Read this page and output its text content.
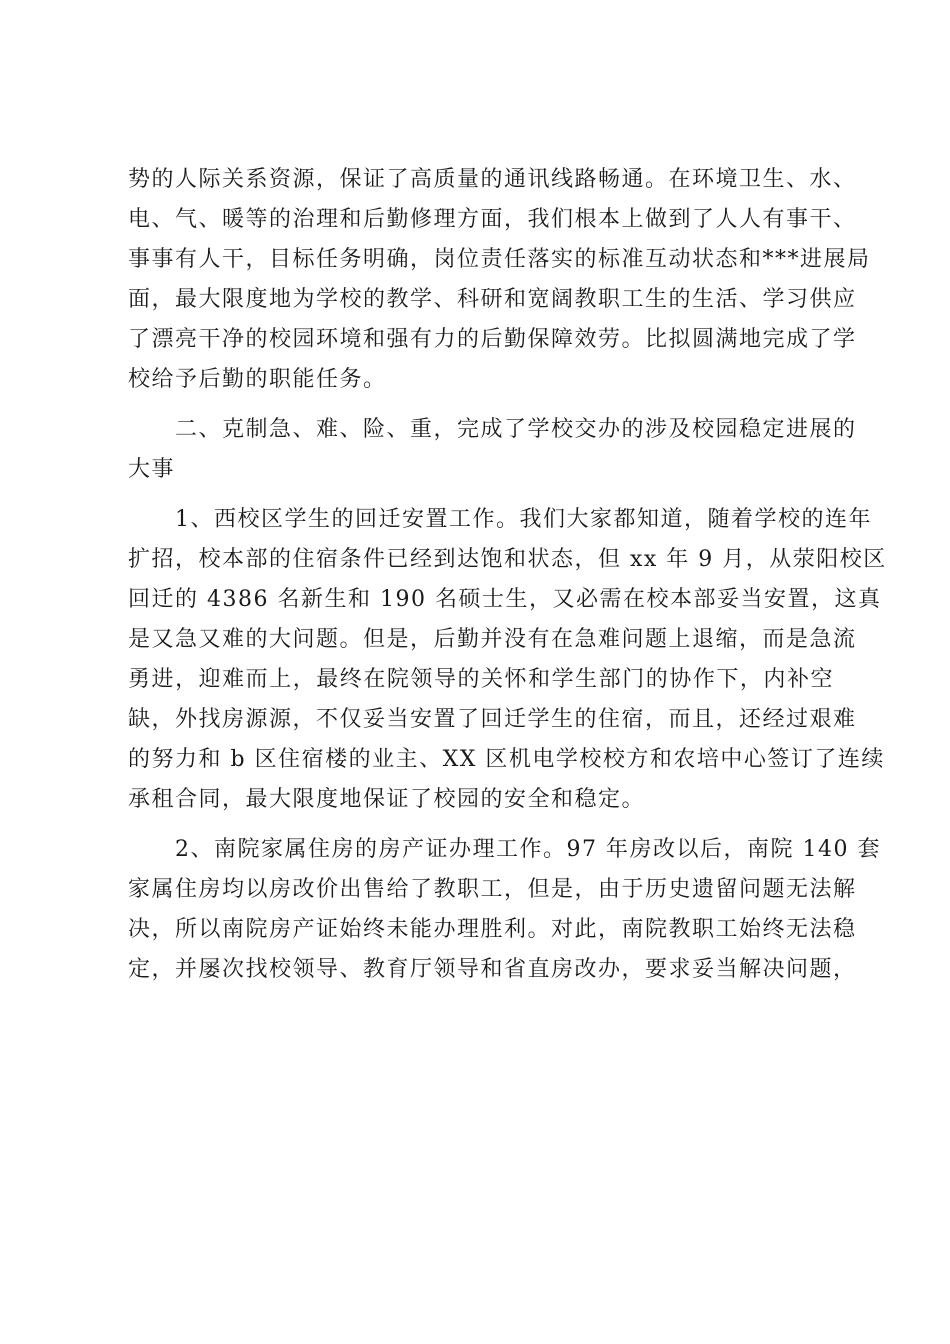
势的人际关系资源，保证了高质量的通讯线路畅通。在环境卫生、水、
电、气、暖等的治理和后勤修理方面，我们根本上做到了人人有事干、
事事有人干，目标任务明确，岗位责任落实的标准互动状态和***进展局
面，最大限度地为学校的教学、科研和宽阔教职工生的生活、学习供应
了漂亮干净的校园环境和强有力的后勤保障效劳。比拟圆满地完成了学
校给予后勤的职能任务。
　　二、克制急、难、险、重，完成了学校交办的涉及校园稳定进展的
大事
　　1、西校区学生的回迁安置工作。我们大家都知道，随着学校的连年
扩招，校本部的住宿条件已经到达饱和状态，但 xx 年 9 月，从荥阳校区
回迁的 4386 名新生和 190 名硕士生，又必需在校本部妥当安置，这真
是又急又难的大问题。但是，后勤并没有在急难问题上退缩，而是急流
勇进，迎难而上，最终在院领导的关怀和学生部门的协作下，内补空
缺，外找房源源，不仅妥当安置了回迁学生的住宿，而且，还经过艰难
的努力和 b 区住宿楼的业主、XX 区机电学校校方和农培中心签订了连续
承租合同，最大限度地保证了校园的安全和稳定。
　　2、南院家属住房的房产证办理工作。97 年房改以后，南院 140 套
家属住房均以房改价出售给了教职工，但是，由于历史遗留问题无法解
决，所以南院房产证始终未能办理胜利。对此，南院教职工始终无法稳
定，并屡次找校领导、教育厅领导和省直房改办，要求妥当解决问题，
